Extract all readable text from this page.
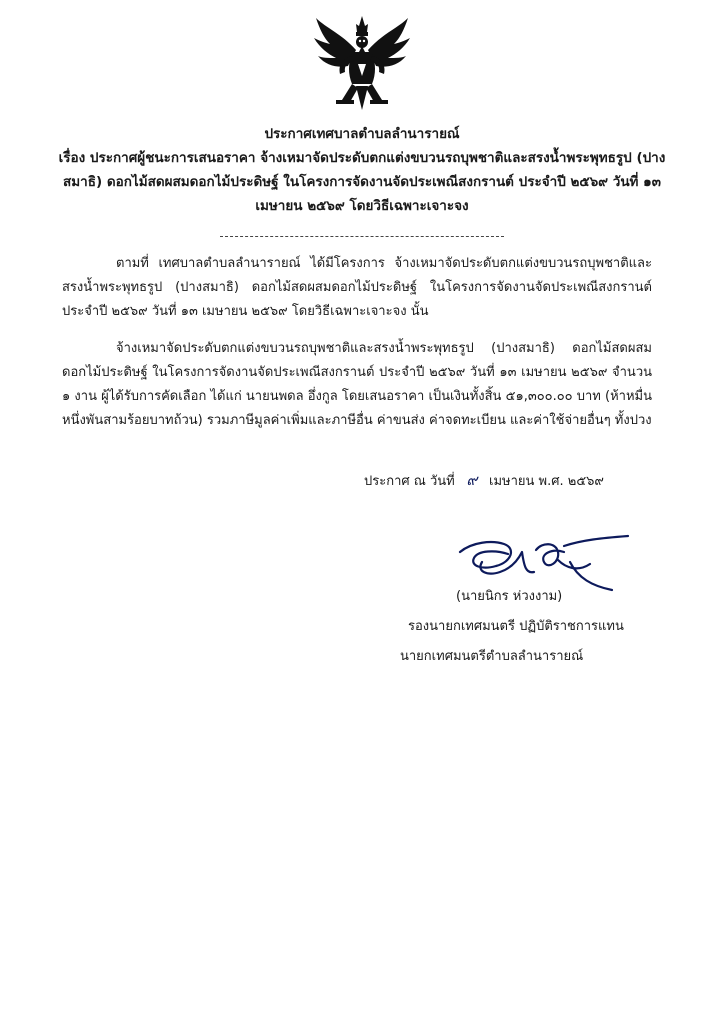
ประกาศเทศบาลตำบลลำนารายณ์
เรื่อง ประกาศผู้ชนะการเสนอราคา จ้างเหมาจัดประดับตกแต่งขบวนรถบุพชาติและสรงน้ำพระพุทธรูป (ปางสมาธิ) ดอกไม้สดผสมดอกไม้ประดิษฐ์ ในโครงการจัดงานจัดประเพณีสงกรานต์ ประจำปี ๒๕๖๙ วันที่ ๑๓ เมษายน ๒๕๖๙ โดยวิธีเฉพาะเจาะจง

ตามที่ เทศบาลตำบลลำนารายณ์ ได้มีโครงการ จ้างเหมาจัดประดับตกแต่งขบวนรถบุพชาติและสรงน้ำพระพุทธรูป (ปางสมาธิ) ดอกไม้สดผสมดอกไม้ประดิษฐ์ ในโครงการจัดงานจัดประเพณีสงกรานต์ ประจำปี ๒๕๖๙ วันที่ ๑๓ เมษายน ๒๕๖๙ โดยวิธีเฉพาะเจาะจง นั้น

จ้างเหมาจัดประดับตกแต่งขบวนรถบุพชาติและสรงน้ำพระพุทธรูป (ปางสมาธิ) ดอกไม้สดผสมดอกไม้ประดิษฐ์ ในโครงการจัดงานจัดประเพณีสงกรานต์ ประจำปี ๒๕๖๙ วันที่ ๑๓ เมษายน ๒๕๖๙ จำนวน ๑ งาน ผู้ได้รับการคัดเลือก ได้แก่ นายนพดล อึ่งกูล โดยเสนอราคา เป็นเงินทั้งสิ้น ๕๑,๓๐๐.๐๐ บาท (ห้าหมื่นหนึ่งพันสามร้อยบาทถ้วน) รวมภาษีมูลค่าเพิ่มและภาษีอื่น ค่าขนส่ง ค่าจดทะเบียน และค่าใช้จ่ายอื่นๆ ทั้งปวง

ประกาศ ณ วันที่ ๙ เมษายน พ.ศ. ๒๕๖๙
(นายนิกร ห่วงงาม)
รองนายกเทศมนตรี ปฏิบัติราชการแทน
นายกเทศมนตรีตำบลลำนารายณ์
